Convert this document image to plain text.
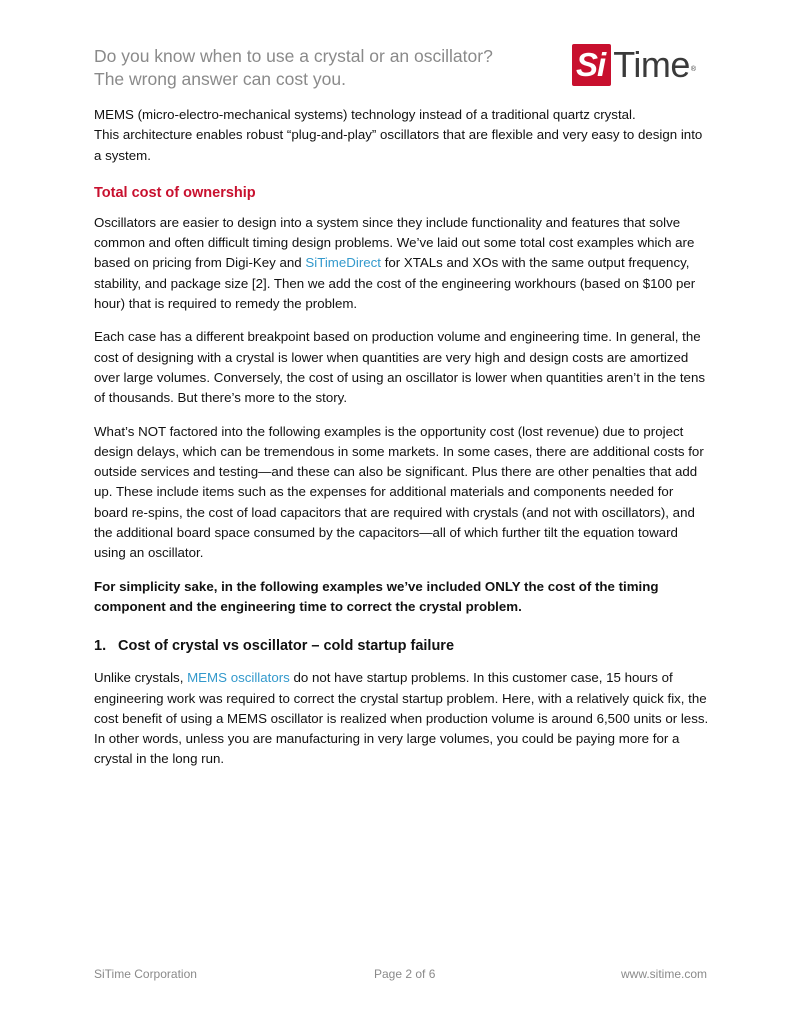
Do you know when to use a crystal or an oscillator?
The wrong answer can cost you.	Si Time ®

MEMS (micro-electro-mechanical systems) technology instead of a traditional quartz crystal.
This architecture enables robust “plug-and-play” oscillators that are flexible and very easy to design into a system.

Total cost of ownership

Oscillators are easier to design into a system since they include functionality and features that solve common and often difficult timing design problems. We’ve laid out some total cost examples which are based on pricing from Digi-Key and SiTimeDirect for XTALs and XOs with the same output frequency, stability, and package size [2]. Then we add the cost of the engineering workhours (based on $100 per hour) that is required to remedy the problem.

Each case has a different breakpoint based on production volume and engineering time. In general, the cost of designing with a crystal is lower when quantities are very high and design costs are amortized over large volumes. Conversely, the cost of using an oscillator is lower when quantities aren’t in the tens of thousands. But there’s more to the story.

What’s NOT factored into the following examples is the opportunity cost (lost revenue) due to project design delays, which can be tremendous in some markets. In some cases, there are additional costs for outside services and testing—and these can also be significant. Plus there are other penalties that add up. These include items such as the expenses for additional materials and components needed for board re-spins, the cost of load capacitors that are required with crystals (and not with oscillators), and the additional board space consumed by the capacitors—all of which further tilt the equation toward using an oscillator.

For simplicity sake, in the following examples we’ve included ONLY the cost of the timing component and the engineering time to correct the crystal problem.

1. Cost of crystal vs oscillator – cold startup failure

Unlike crystals, MEMS oscillators do not have startup problems. In this customer case, 15 hours of engineering work was required to correct the crystal startup problem. Here, with a relatively quick fix, the cost benefit of using a MEMS oscillator is realized when production volume is around 6,500 units or less. In other words, unless you are manufacturing in very large volumes, you could be paying more for a crystal in the long run.

SiTime Corporation	Page 2 of 6	www.sitime.com
